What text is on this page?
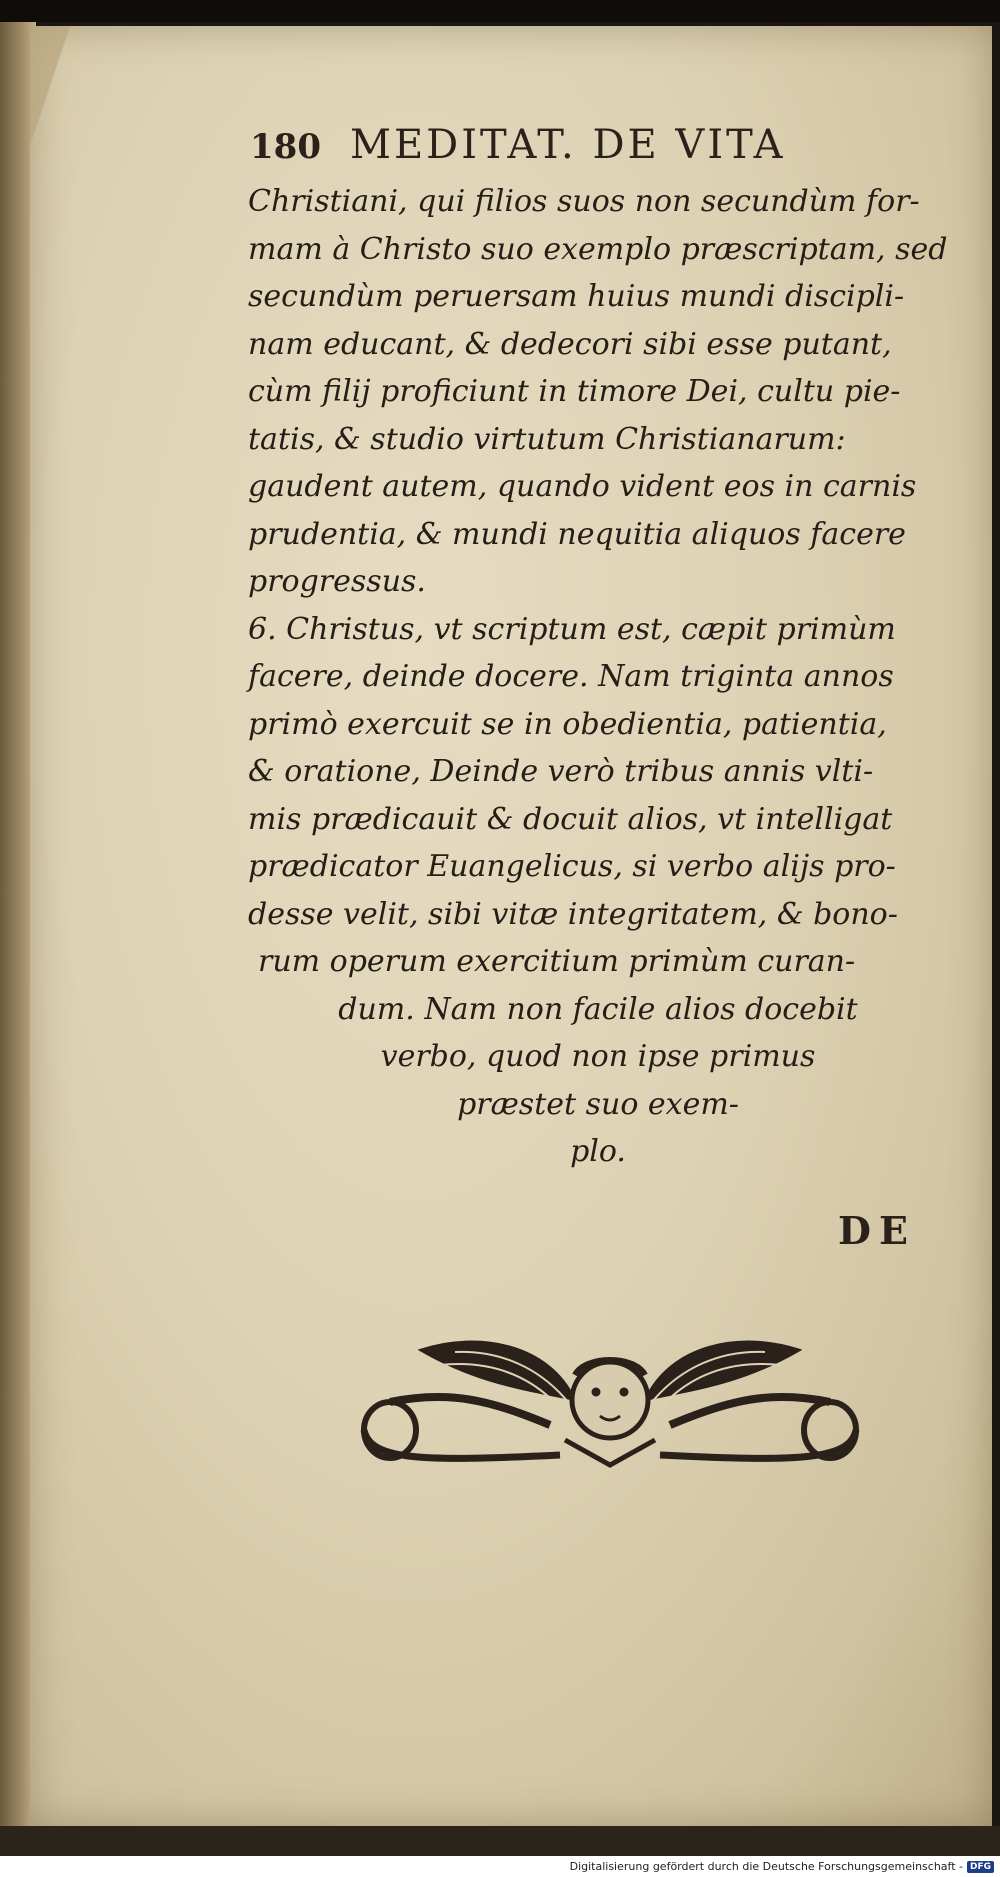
180 MEDITAT. DE VITA
Christiani, qui filios suos non secundùm for-
mam à Christo suo exemplo præscriptam, sed
secundùm peruersam huius mundi discipli-
nam educant, & dedecori sibi esse putant,
cùm filij proficiunt in timore Dei, cultu pie-
tatis, & studio virtutum Christianarum:
gaudent autem, quando vident eos in carnis
prudentia, & mundi nequitia aliquos facere
progressus.
6. Christus, vt scriptum est, cæpit primùm
facere, deinde docere. Nam triginta annos
primò exercuit se in obedientia, patientia,
& oratione, Deinde verò tribus annis vlti-
mis prædicauit & docuit alios, vt intelligat
prædicator Euangelicus, si verbo alijs pro-
desse velit, sibi vitæ integritatem, & bono-
rum operum exercitium primùm curan-
dum. Nam non facile alios docebit
verbo, quod non ipse primus
præstet suo exem-
plo.
DE
Digitalisierung gefördert durch die Deutsche Forschungsgemeinschaft - DFG
